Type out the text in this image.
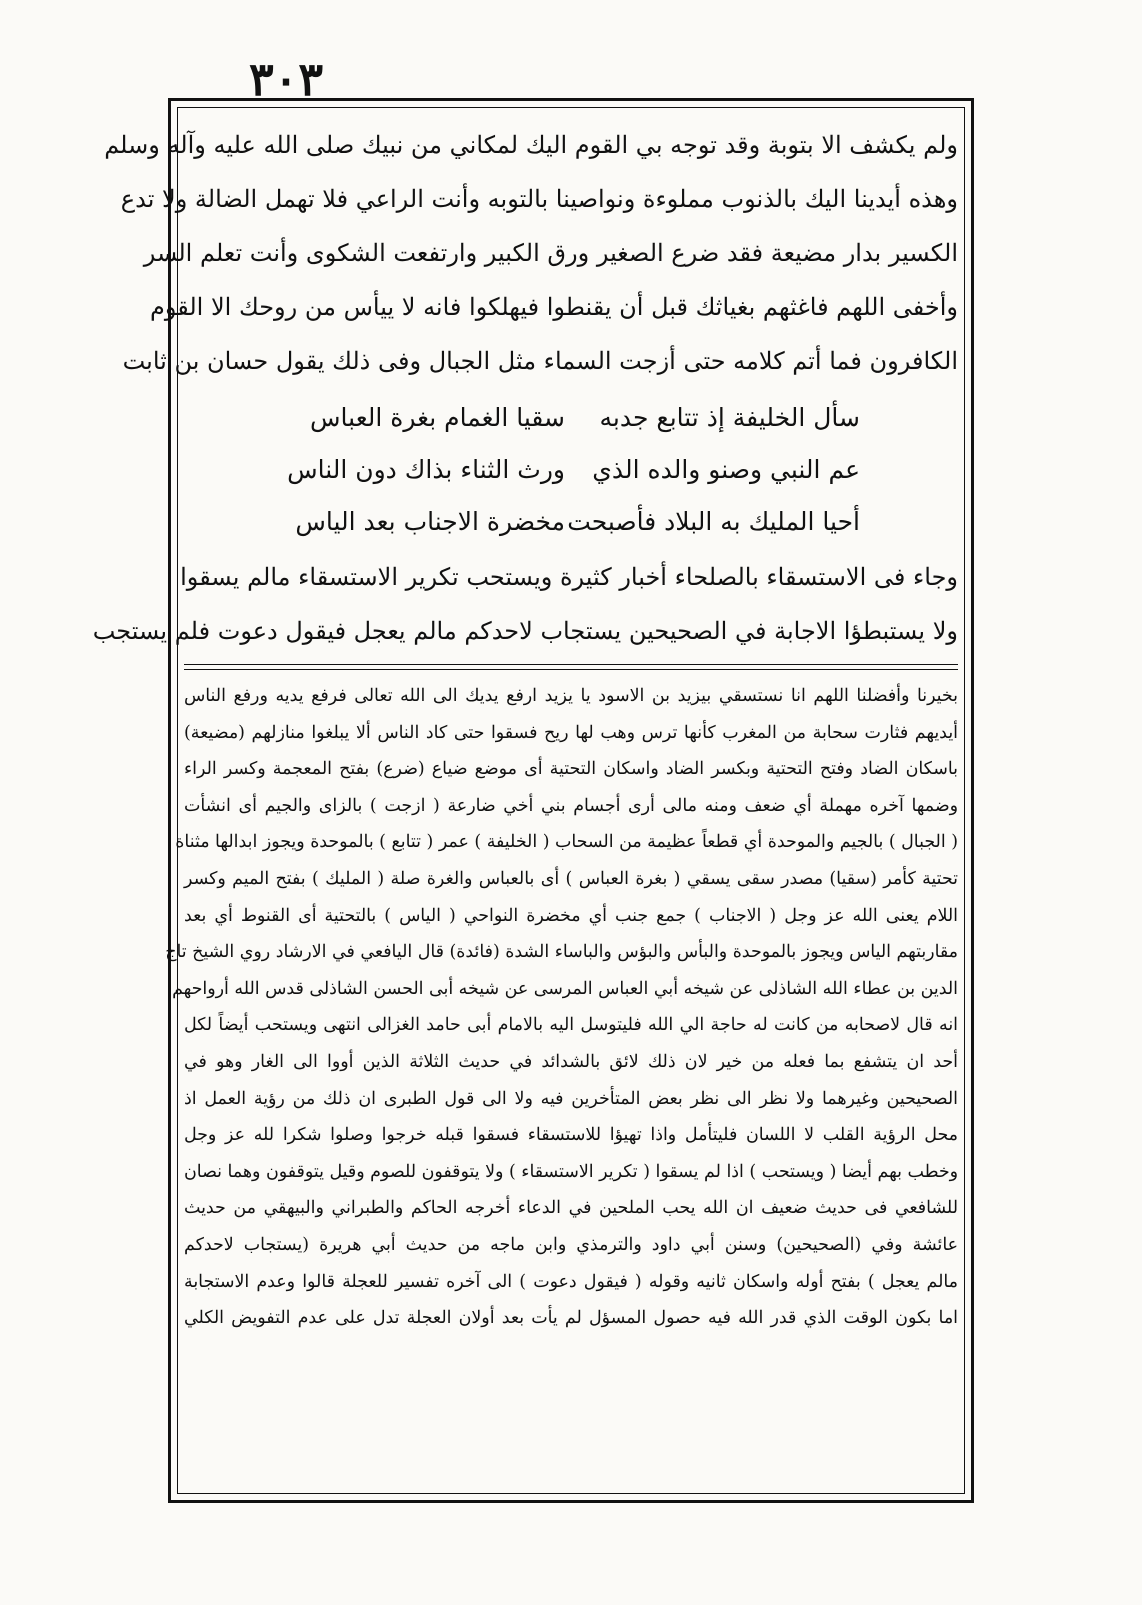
٣٠٣
ولم يكشف الا بتوبة وقد توجه بي القوم اليك لمكاني من نبيك صلى الله عليه وآله وسلم
وهذه أيدينا اليك بالذنوب مملوءة ونواصينا بالتوبه وأنت الراعي فلا تهمل الضالة ولا تدع
الكسير بدار مضيعة فقد ضرع الصغير ورق الكبير وارتفعت الشكوى وأنت تعلم السر
وأخفى اللهم فاغثهم بغياثك قبل أن يقنطوا فيهلكوا فانه لا ييأس من روحك الا القوم
الكافرون فما أتم كلامه حتى أزجت السماء مثل الجبال وفى ذلك يقول حسان بن ثابت
سأل الخليفة إذ تتابع جدبه
سقيا الغمام بغرة العباس
عم النبي وصنو والده الذي
ورث الثناء بذاك دون الناس
أحيا المليك به البلاد فأصبحت
مخضرة الاجناب بعد الياس
وجاء فى الاستسقاء بالصلحاء أخبار كثيرة ويستحب تكرير الاستسقاء مالم يسقوا
ولا يستبطؤا الاجابة في الصحيحين يستجاب لاحدكم مالم يعجل فيقول دعوت فلم يستجب
بخيرنا وأفضلنا اللهم انا نستسقي بيزيد بن الاسود يا يزيد ارفع يديك الى الله تعالى فرفع يديه ورفع الناس
أيديهم فثارت سحابة من المغرب كأنها ترس وهب لها ريح فسقوا حتى كاد الناس ألا يبلغوا منازلهم (مضيعة)
باسكان الضاد وفتح التحتية وبكسر الضاد واسكان التحتية أى موضع ضياع (ضرع) بفتح المعجمة وكسر الراء
وضمها آخره مهملة أي ضعف ومنه مالى أرى أجسام بني أخي ضارعة ( ازجت ) بالزاى والجيم أى انشأت
( الجبال ) بالجيم والموحدة أي قطعاً عظيمة من السحاب ( الخليفة ) عمر ( تتابع ) بالموحدة ويجوز ابدالها مثناة
تحتية كأمر (سقيا) مصدر سقى يسقي ( بغرة العباس ) أى بالعباس والغرة صلة ( المليك ) بفتح الميم وكسر
اللام يعنى الله عز وجل ( الاجناب ) جمع جنب أي مخضرة النواحي ( الياس ) بالتحتية أى القنوط أي بعد
مقاربتهم الياس ويجوز بالموحدة والبأس والبؤس والباساء الشدة (فائدة) قال اليافعي في الارشاد روي الشيخ تاج
الدين بن عطاء الله الشاذلى عن شيخه أبي العباس المرسى عن شيخه أبى الحسن الشاذلى قدس الله أرواحهم
انه قال لاصحابه من كانت له حاجة الي الله فليتوسل اليه بالامام أبى حامد الغزالى انتهى ويستحب أيضاً لكل
أحد ان يتشفع بما فعله من خير لان ذلك لائق بالشدائد في حديث الثلاثة الذين أووا الى الغار وهو في
الصحيحين وغيرهما ولا نظر الى نظر بعض المتأخرين فيه ولا الى قول الطبرى ان ذلك من رؤية العمل اذ
محل الرؤية القلب لا اللسان فليتأمل واذا تهيؤا للاستسقاء فسقوا قبله خرجوا وصلوا شكرا لله عز وجل
وخطب بهم أيضا ( ويستحب ) اذا لم يسقوا ( تكرير الاستسقاء ) ولا يتوقفون للصوم وقيل يتوقفون وهما نصان
للشافعي فى حديث ضعيف ان الله يحب الملحين في الدعاء أخرجه الحاكم والطبراني والبيهقي من حديث
عائشة وفي (الصحيحين) وسنن أبي داود والترمذي وابن ماجه من حديث أبي هريرة (يستجاب لاحدكم
مالم يعجل ) بفتح أوله واسكان ثانيه وقوله ( فيقول دعوت ) الى آخره تفسير للعجلة قالوا وعدم الاستجابة
اما بكون الوقت الذي قدر الله فيه حصول المسؤل لم يأت بعد أولان العجلة تدل على عدم التفويض الكلي
